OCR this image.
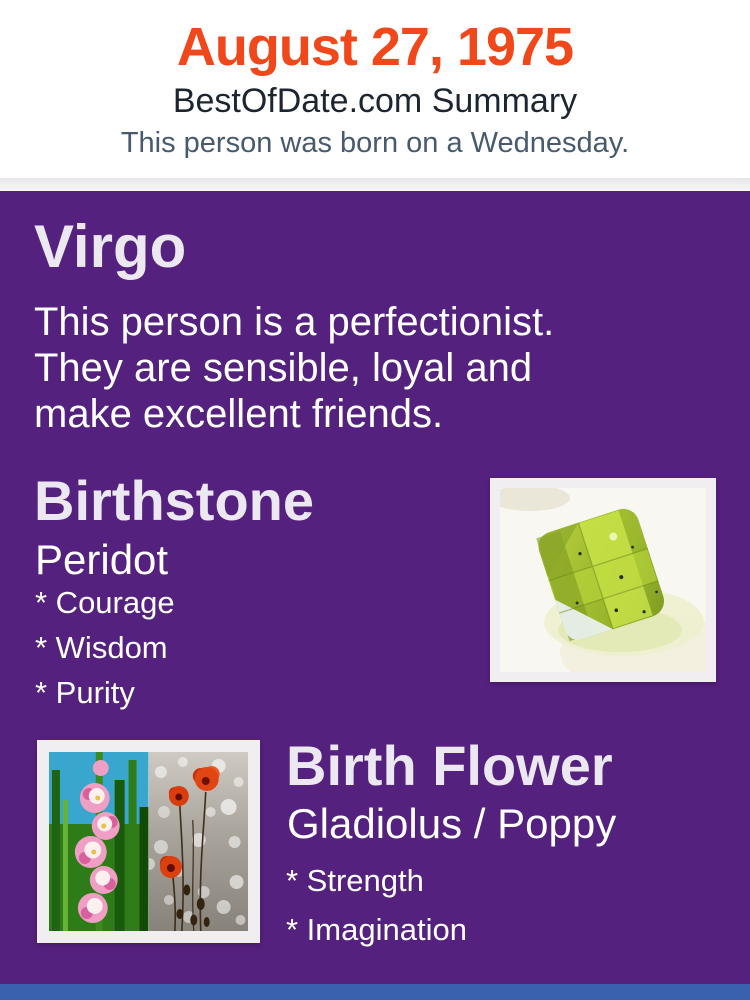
August 27, 1975
BestOfDate.com Summary
This person was born on a Wednesday.
Virgo
This person is a perfectionist.
They are sensible, loyal and
make excellent friends.
Birthstone
Peridot
* Courage
* Wisdom
* Purity
Birth Flower
Gladiolus / Poppy
* Strength
* Imagination
